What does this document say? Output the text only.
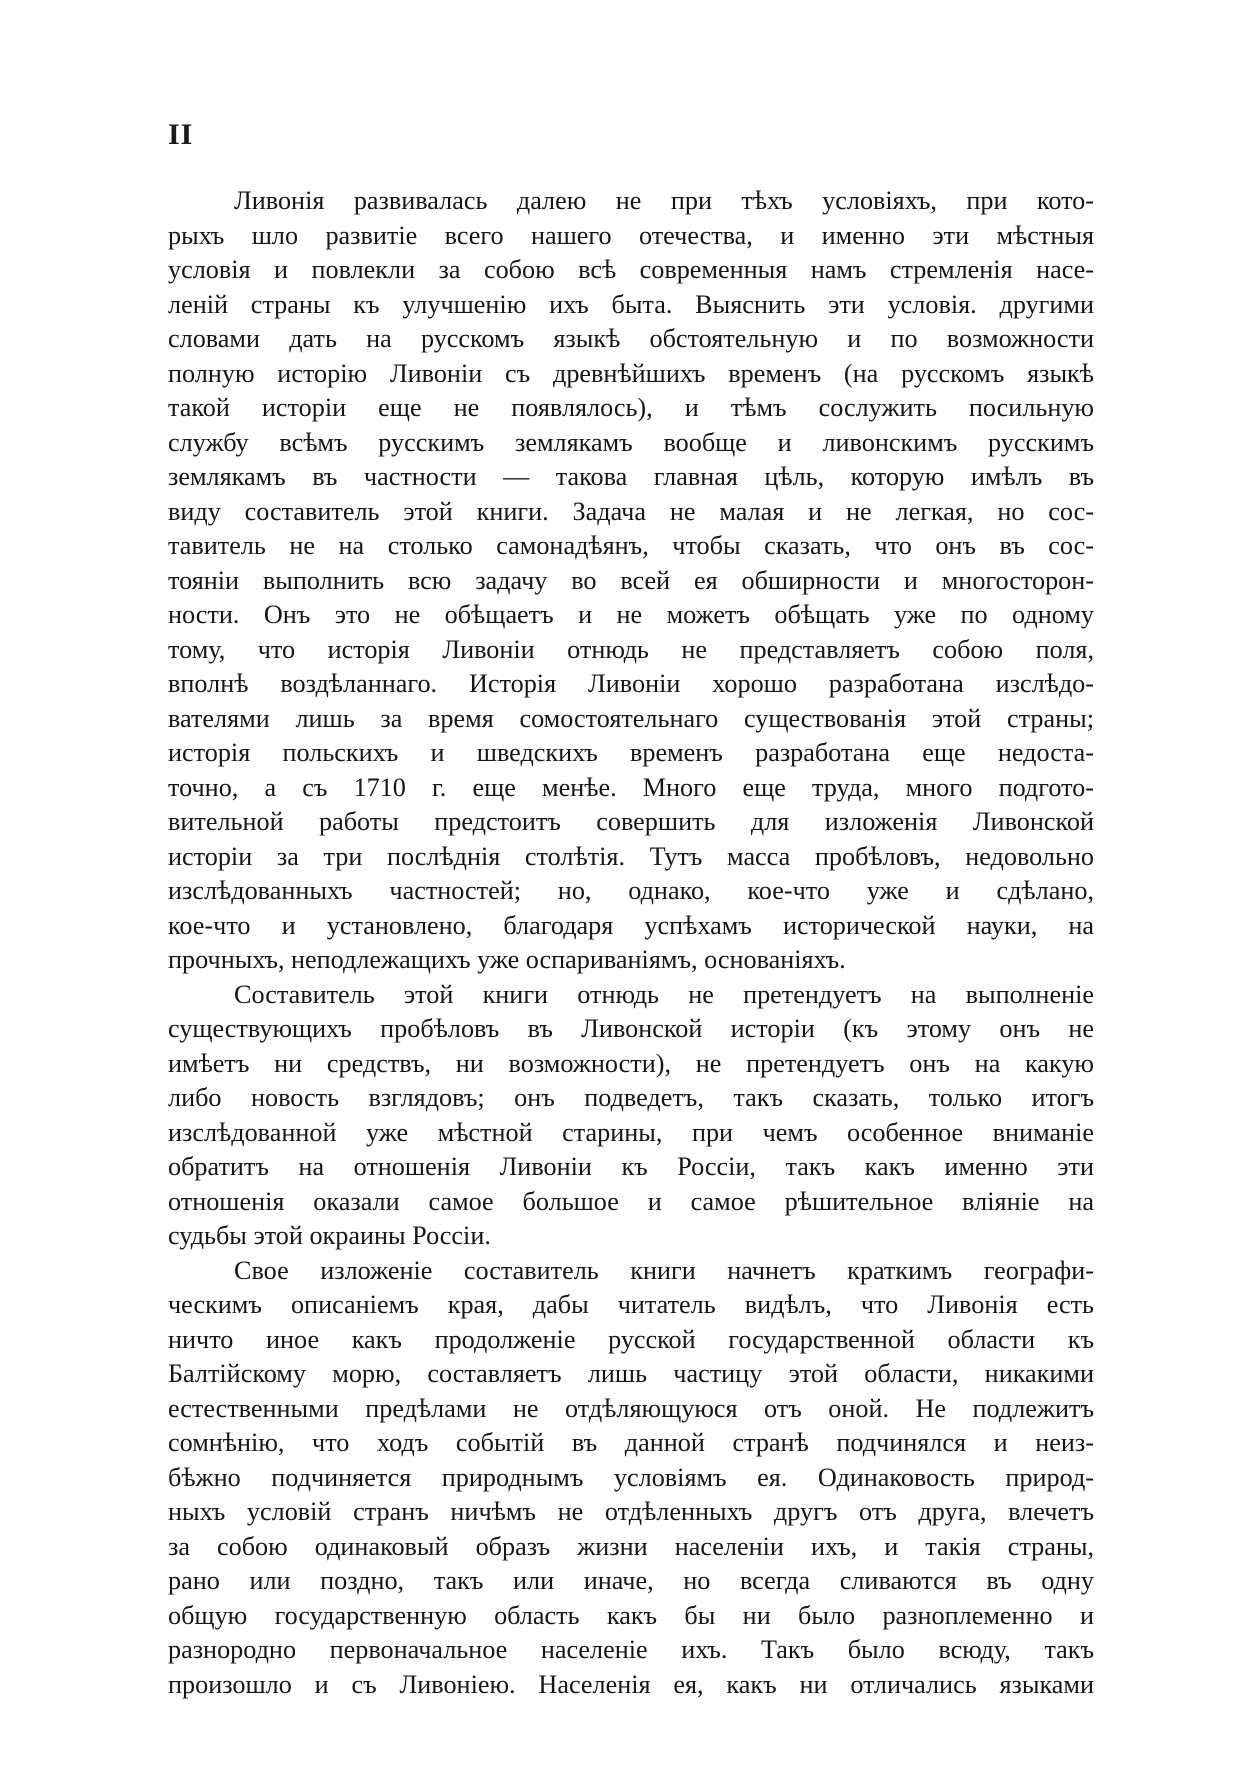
II
Ливонія развивалась далею не при тѣхъ условіяхъ, при кото-
рыхъ шло развитіе всего нашего отечества, и именно эти мѣстныя
условія и повлекли за собою всѣ современныя намъ стремленія насе-
леній страны къ улучшенію ихъ быта. Выяснить эти условія. другими
словами дать на русскомъ языкѣ обстоятельную и по возможности
полную исторію Ливоніи съ древнѣйшихъ временъ (на русскомъ языкѣ
такой исторіи еще не появлялось), и тѣмъ сослужить посильную
службу всѣмъ русскимъ землякамъ вообще и ливонскимъ русскимъ
землякамъ въ частности — такова главная цѣль, которую имѣлъ въ
виду составитель этой книги. Задача не малая и не легкая, но сос-
тавитель не на столько самонадѣянъ, чтобы сказать, что онъ въ сос-
тояніи выполнить всю задачу во всей ея обширности и многосторон-
ности. Онъ это не обѣщаетъ и не можетъ обѣщать уже по одному
тому, что исторія Ливоніи отнюдь не представляетъ собою поля,
вполнѣ воздѣланнаго. Исторія Ливоніи хорошо разработана изслѣдо-
вателями лишь за время сомостоятельнаго существованія этой страны;
исторія польскихъ и шведскихъ временъ разработана еще недоста-
точно, а съ 1710 г. еще менѣе. Много еще труда, много подгото-
вительной работы предстоитъ совершить для изложенія Ливонской
исторіи за три послѣднія столѣтія. Тутъ масса пробѣловъ, недовольно
изслѣдованныхъ частностей; но, однако, кое-что уже и сдѣлано,
кое-что и установлено, благодаря успѣхамъ исторической науки, на
прочныхъ, неподлежащихъ уже оспариваніямъ, основаніяхъ.
Составитель этой книги отнюдь не претендуетъ на выполненіе
существующихъ пробѣловъ въ Ливонской исторіи (къ этому онъ не
имѣетъ ни средствъ, ни возможности), не претендуетъ онъ на какую
либо новость взглядовъ; онъ подведетъ, такъ сказать, только итогъ
изслѣдованной уже мѣстной старины, при чемъ особенное вниманіе
обратитъ на отношенія Ливоніи къ Россіи, такъ какъ именно эти
отношенія оказали самое большое и самое рѣшительное вліяніе на
судьбы этой окраины Россіи.
Свое изложеніе составитель книги начнетъ краткимъ географи-
ческимъ описаніемъ края, дабы читатель видѣлъ, что Ливонія есть
ничто иное какъ продолженіе русской государственной области къ
Балтійскому морю, составляетъ лишь частицу этой области, никакими
естественными предѣлами не отдѣляющуюся отъ оной. Не подлежитъ
сомнѣнію, что ходъ событій въ данной странѣ подчинялся и неиз-
бѣжно подчиняется природнымъ условіямъ ея. Одинаковость природ-
ныхъ условій странъ ничѣмъ не отдѣленныхъ другъ отъ друга, влечетъ
за собою одинаковый образъ жизни населеніи ихъ, и такія страны,
рано или поздно, такъ или иначе, но всегда сливаются въ одну
общую государственную область какъ бы ни было разноплеменно и
разнородно первоначальное населеніе ихъ. Такъ было всюду, такъ
произошло и съ Ливоніею. Населенія ея, какъ ни отличались языками
